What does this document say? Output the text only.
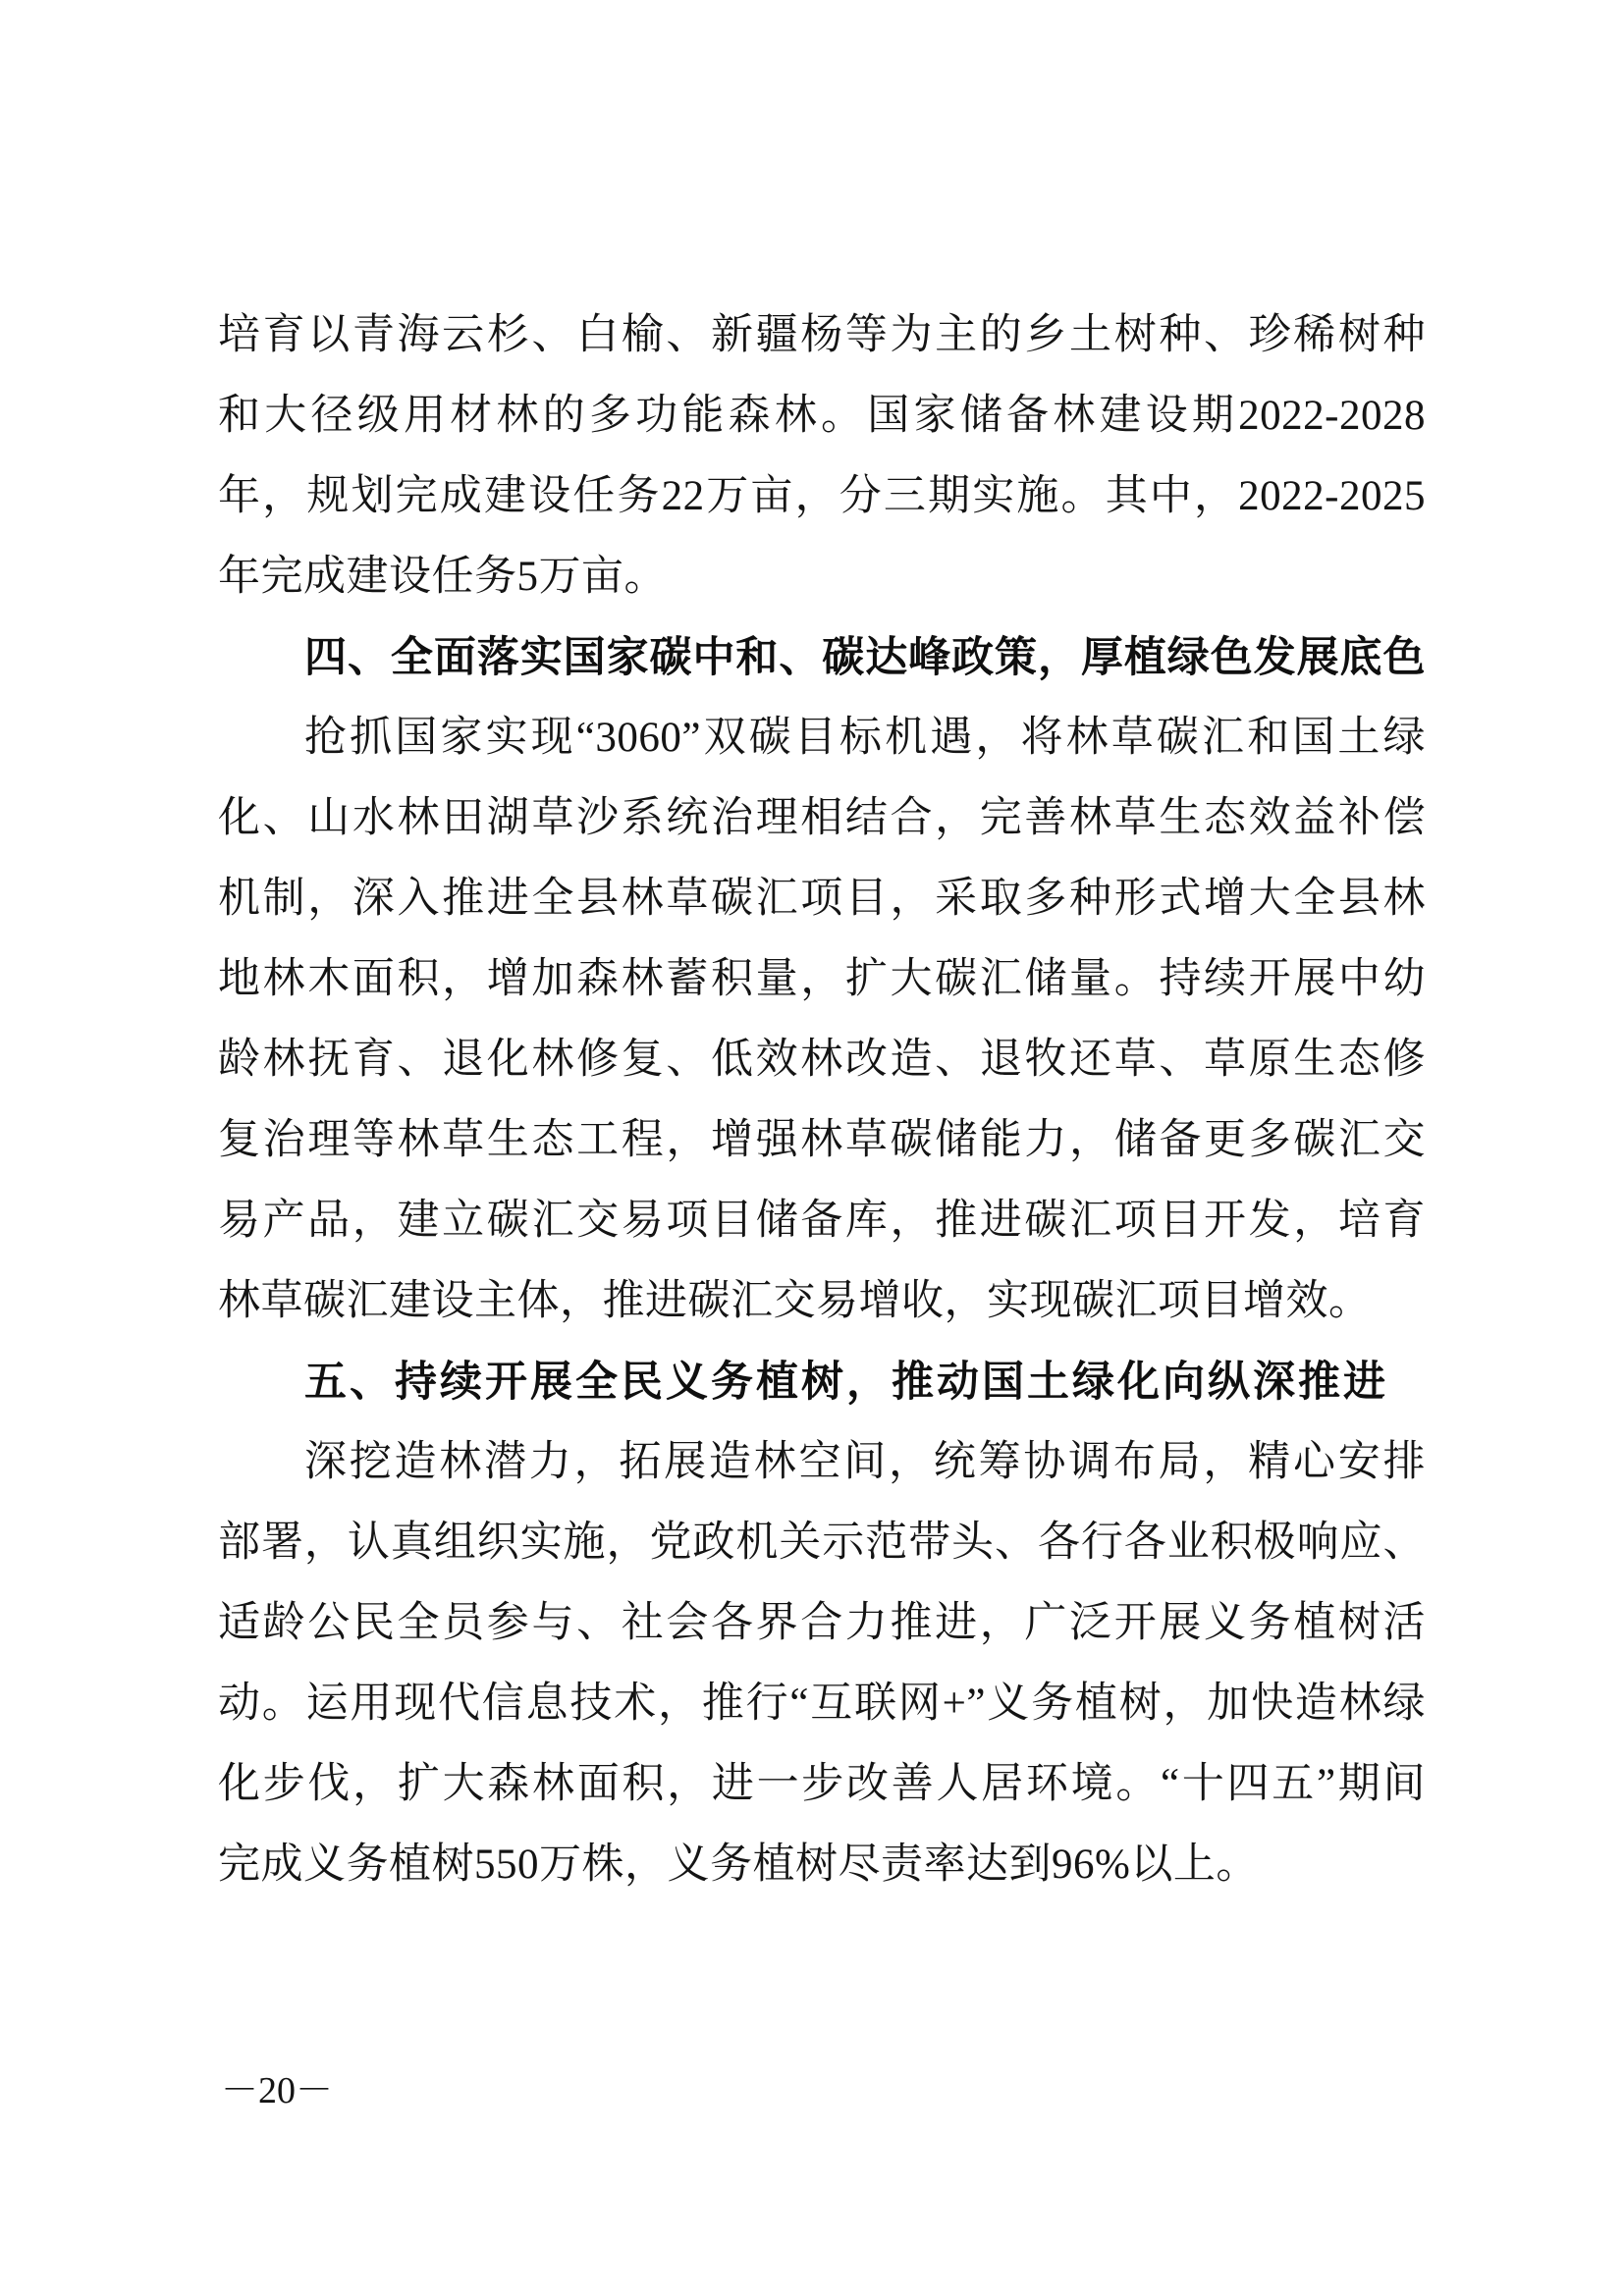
培育以青海云杉、白榆、新疆杨等为主的乡土树种、珍稀树种
和大径级用材林的多功能森林。国家储备林建设期2022-2028
年，规划完成建设任务22万亩，分三期实施。其中，2022-2025
年完成建设任务5万亩。
四、全面落实国家碳中和、碳达峰政策，厚植绿色发展底色
抢抓国家实现“3060”双碳目标机遇，将林草碳汇和国土绿
化、山水林田湖草沙系统治理相结合，完善林草生态效益补偿
机制，深入推进全县林草碳汇项目，采取多种形式增大全县林
地林木面积，增加森林蓄积量，扩大碳汇储量。持续开展中幼
龄林抚育、退化林修复、低效林改造、退牧还草、草原生态修
复治理等林草生态工程，增强林草碳储能力，储备更多碳汇交
易产品，建立碳汇交易项目储备库，推进碳汇项目开发，培育
林草碳汇建设主体，推进碳汇交易增收，实现碳汇项目增效。
五、持续开展全民义务植树，推动国土绿化向纵深推进
深挖造林潜力，拓展造林空间，统筹协调布局，精心安排
部署，认真组织实施，党政机关示范带头、各行各业积极响应、
适龄公民全员参与、社会各界合力推进，广泛开展义务植树活
动。运用现代信息技术，推行“互联网+”义务植树，加快造林绿
化步伐，扩大森林面积，进一步改善人居环境。“十四五”期间
完成义务植树550万株，义务植树尽责率达到96%以上。
－20－
